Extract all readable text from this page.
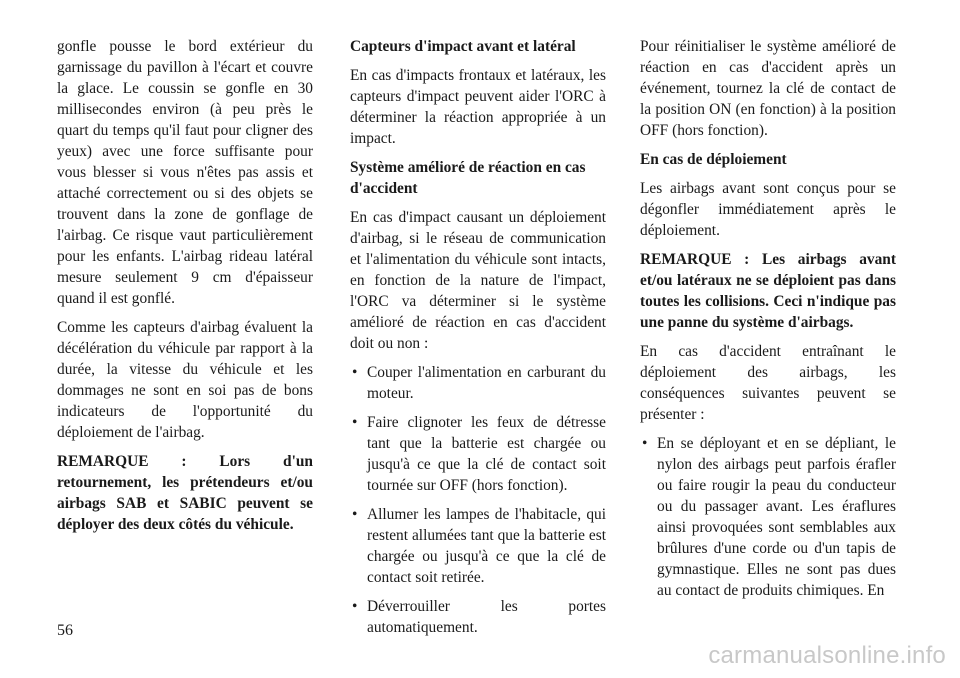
gonfle pousse le bord extérieur du garnissage du pavillon à l'écart et couvre la glace. Le coussin se gonfle en 30 millisecondes environ (à peu près le quart du temps qu'il faut pour cligner des yeux) avec une force suffisante pour vous blesser si vous n'êtes pas assis et attaché correctement ou si des objets se trouvent dans la zone de gonflage de l'airbag. Ce risque vaut particulièrement pour les enfants. L'airbag rideau latéral mesure seulement 9 cm d'épaisseur quand il est gonflé.

Comme les capteurs d'airbag évaluent la décélération du véhicule par rapport à la durée, la vitesse du véhicule et les dommages ne sont en soi pas de bons indicateurs de l'opportunité du déploiement de l'airbag.

REMARQUE : Lors d'un retournement, les prétendeurs et/ou airbags SAB et SABIC peuvent se déployer des deux côtés du véhicule.

Capteurs d'impact avant et latéral

En cas d'impacts frontaux et latéraux, les capteurs d'impact peuvent aider l'ORC à déterminer la réaction appropriée à un impact.

Système amélioré de réaction en cas d'accident

En cas d'impact causant un déploiement d'airbag, si le réseau de communication et l'alimentation du véhicule sont intacts, en fonction de la nature de l'impact, l'ORC va déterminer si le système amélioré de réaction en cas d'accident doit ou non :

• Couper l'alimentation en carburant du moteur.
• Faire clignoter les feux de détresse tant que la batterie est chargée ou jusqu'à ce que la clé de contact soit tournée sur OFF (hors fonction).
• Allumer les lampes de l'habitacle, qui restent allumées tant que la batterie est chargée ou jusqu'à ce que la clé de contact soit retirée.
• Déverrouiller les portes automatiquement.

Pour réinitialiser le système amélioré de réaction en cas d'accident après un événement, tournez la clé de contact de la position ON (en fonction) à la position OFF (hors fonction).

En cas de déploiement

Les airbags avant sont conçus pour se dégonfler immédiatement après le déploiement.

REMARQUE : Les airbags avant et/ou latéraux ne se déploient pas dans toutes les collisions. Ceci n'indique pas une panne du système d'airbags.

En cas d'accident entraînant le déploiement des airbags, les conséquences suivantes peuvent se présenter :

• En se déployant et en se dépliant, le nylon des airbags peut parfois érafler ou faire rougir la peau du conducteur ou du passager avant. Les éraflures ainsi provoquées sont semblables aux brûlures d'une corde ou d'un tapis de gymnastique. Elles ne sont pas dues au contact de produits chimiques. En
56
carmanualsonline.info
